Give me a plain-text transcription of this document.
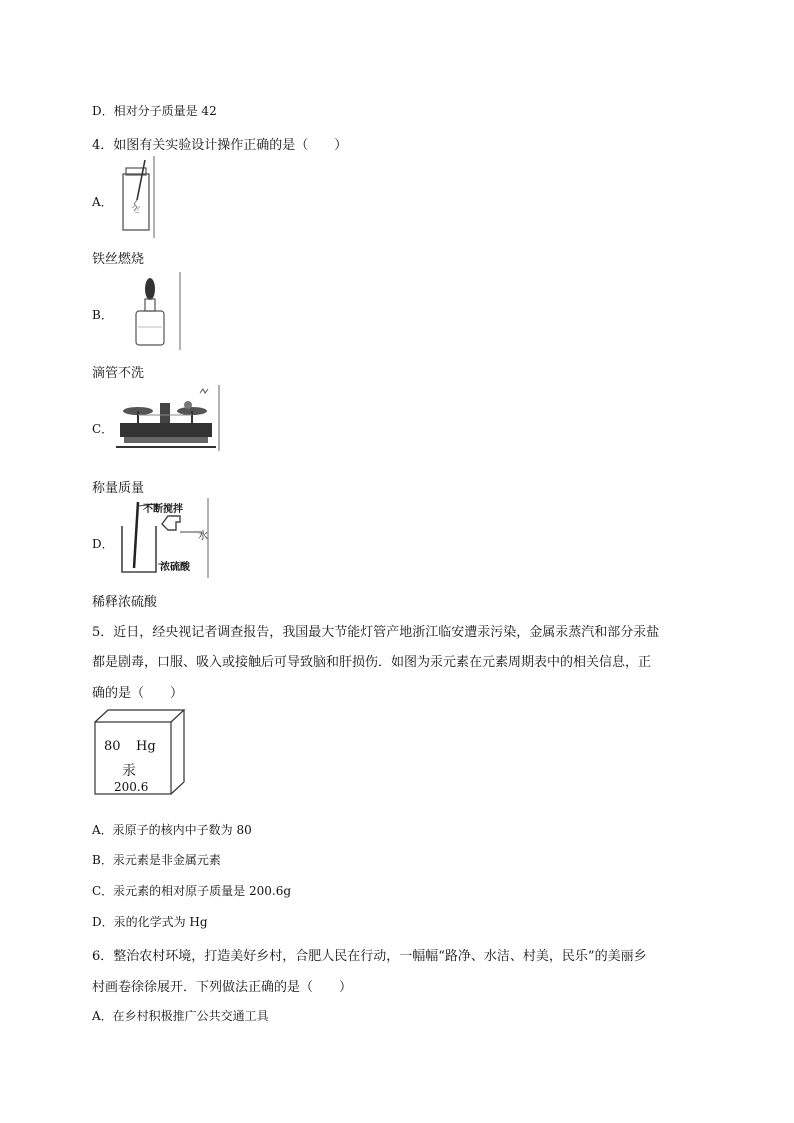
D．相对分子质量是 42
4．如图有关实验设计操作正确的是（　　）
A．
铁丝燃烧
B．
滴管不洗
C．
称量质量
D．
不断搅拌
水
浓硫酸
稀释浓硫酸
5．近日，经央视记者调查报告，我国最大节能灯管产地浙江临安遭汞污染，金属汞蒸汽和部分汞盐
都是剧毒，口服、吸入或接触后可导致脑和肝损伤．如图为汞元素在元素周期表中的相关信息，正
确的是（　　）
80 Hg
汞
200.6
A．汞原子的核内中子数为 80
B．汞元素是非金属元素
C．汞元素的相对原子质量是 200.6g
D．汞的化学式为 Hg
6．整治农村环境，打造美好乡村，合肥人民在行动，一幅幅“路净、水洁、村美，民乐”的美丽乡
村画卷徐徐展开．下列做法正确的是（　　）
A．在乡村积极推广公共交通工具
